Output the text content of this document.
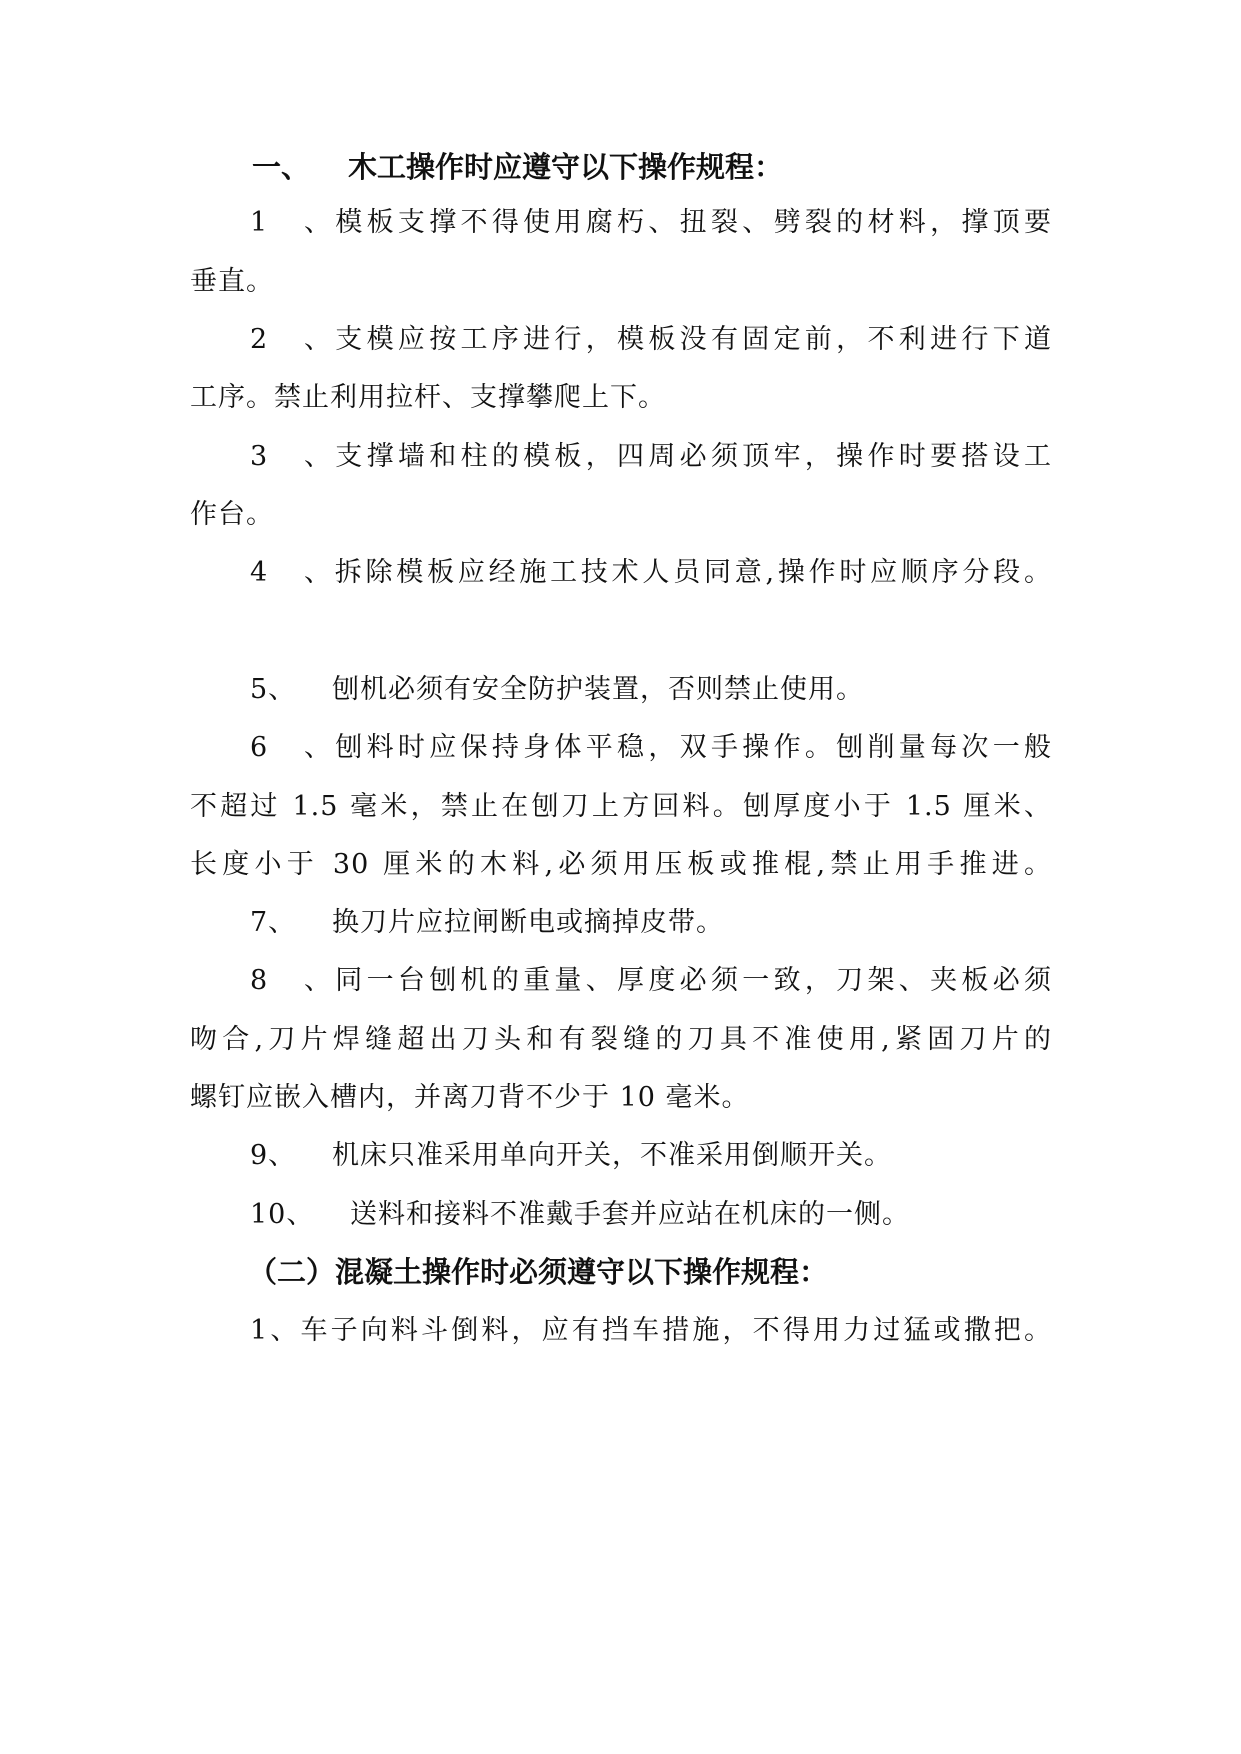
一、 木工操作时应遵守以下操作规程：
1、模板支撑不得使用腐朽、扭裂、劈裂的材料，撑顶要
垂直。
2、支模应按工序进行，模板没有固定前，不利进行下道
工序。禁止利用拉杆、支撑攀爬上下。
3、支撑墙和柱的模板，四周必须顶牢，操作时要搭设工
作台。
4、拆除模板应经施工技术人员同意,操作时应顺序分段。
5、 刨机必须有安全防护装置，否则禁止使用。
6、刨料时应保持身体平稳，双手操作。刨削量每次一般
不超过 1.5 毫米，禁止在刨刀上方回料。刨厚度小于 1.5 厘米、
长度小于 30 厘米的木料,必须用压板或推棍,禁止用手推进。
7、 换刀片应拉闸断电或摘掉皮带。
8、同一台刨机的重量、厚度必须一致，刀架、夹板必须
吻合,刀片焊缝超出刀头和有裂缝的刀具不准使用,紧固刀片的
螺钉应嵌入槽内，并离刀背不少于 10 毫米。
9、 机床只准采用单向开关，不准采用倒顺开关。
10、 送料和接料不准戴手套并应站在机床的一侧。
（二）混凝土操作时必须遵守以下操作规程：
1、车子向料斗倒料，应有挡车措施，不得用力过猛或撒把。
